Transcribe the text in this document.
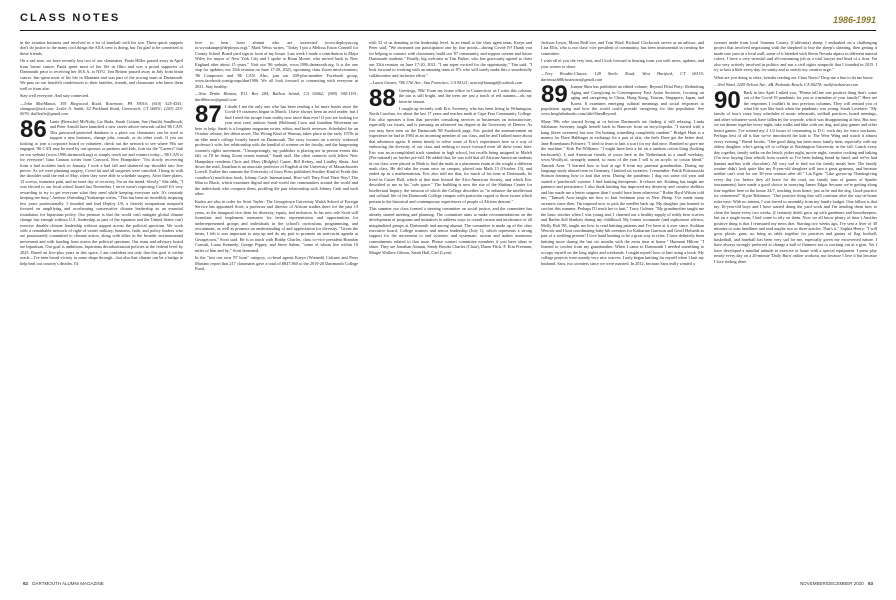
CLASS NOTES	1986-1991

in the aviation business and involved in a lot of baseball with his son. These quick snippets don't do justice to the many cool things the AXA crew is doing, but I'm glad to be connected to these friends.

On a sad note, we have recently lost two of our classmates. Paula Hilfer passed away in April from breast cancer. Paula spent most of her life in Ohio and was a proud supporter of Dartmouth prior to receiving her M.S.A. at NYU. Jim Britton passed away in July from brain cancer. Jim spent most of his life in Montana and was part of the rowing team at Dartmouth. We pass on our heartfelt condolences to their families, friends, and classmates who knew them well or from afar.

Stay well everyone. And stay connected.

—John MacManus, 195 Ringwood Road, Rosemont, PA 19010; (610) 525-4541; slamgoat@aol.com; Leslie A. Smith, 52 Parkland Road, Greenwich, CT 06831; (203) 253-0076; dalileslie@gmail.com

86 Lanie (Bertsche) McNulty, Liz Buda, Sarah Cottam, Sue (Smith) Sandbrook, and Peter Arnold have launched a new career advice network called '86 CAN. This password-protected database is a place our classmates can be used to support a new business, change jobs, consult, or do other work. If you are looking to join a corporate board or volunteer, check out the network to see where '86s are engaged. '86 CAN may be used by our spouses or partners and kids, Join via the "Careers" link on our website (www.1986.dartmouth.org) or simply reach out and connect today—'86 CAN is for everyone! Gina Cannon writes from Concord, New Hampshire: "I'm slowly recovering from a bad accident back in January. I took a bad fall and shattered my shoulder into five pieces. As we were planning surgery, Covid hit and all surgeries were canceled. I hung in with the shoulder until the end of May, when they were able to schedule surgery. After three plates, 13 screws, immense pain, and an extra day of recovery, I'm on the mend. Slowly." She adds, "I was elected to our local school board last November. I serve wasn't expecting Covid! It's very rewarding to try to get everyone what they need while keeping everyone safe. It's certainly keeping me busy." Andrew (Strimling) Yoakampe writes, "This has been an incredibly inspiring few years professionally. I founded and lead Deploy US, a fiercely nonpartisan nonprofit focused on amplifying and accelerating conservative climate leadership as an essential foundation for bipartisan policy. Our premise is that the world can't mitigate global climate change fast enough without U.S. leadership as part of the equation and the United States can't exercise durable climate leadership without support across the political spectrum. We work with a remarkable network of right-of-center military, business, faith, and policy leaders who are passionately committed to climate action, along with allies in the broader environmental movement and with funding from across the political spectrum. Our team and advisory board are bipartisan. Our goal is ambitious, bipartisan decarbonization policies at the federal level by 2025. Based on five-plus years in this space, I am confident not only that this goal is within reach—I've seen broad victory in some shape through—but also that climate can be a bridge to help heal our country's divides. I'd

love to hear from alumni who are interested (www.deployus.org or.wyoakampe@deployus.org)." Mark Weiss writes, "Today I put a Melissa Eaton Connell for County School Board yard sign in front of my house. Last week I made a contribution to Maya Wiley for mayor of New York City and I spoke to Brian Moore, who moved back to New England after about 15 years." Visit our '86 website, www.1986.dartmouth.org. It is the one stop for updates; our 35th reunion on June 17-20, 2021; upcoming class Zoom mini-reunions; '86 Composers and '86 CAN. Also, join our 200-plus-member Facebook group, www.facebook.com/groups/dart1986. We all look forward to connecting with everyone in 2021. Stay healthy.

—Nan Drake Hanton, P.O. Box 284, Balboa Island, CA 92662; (949) 500-1191; dart86news@gmail.com

87 I doubt I am the only one who has been reading a lot more books since the Covid-19 craziness began in March. I have always been an avid reader, but I find I need the escape from reality now more than ever! If you are looking for your next read, authors Sarah (Heilman) Crow and Jonathan Silverman are here to help. Sarah is a longtime magazine writer, editor, and book reviewer. Scheduled for an October release, her debut novel, The Wrong Kind of Woman, takes place in the early 1970s in an elite men's college loosely based on Dartmouth. The story focuses on a newly widowed professor's wife, her relationship with the handful of women on the faculty, and the burgeoning women's rights movement. "Unsurprisingly, my publisher is placing me in person events this fall, so I'll be doing Zoom events instead," Sarah said. She often connects with fellow New Hampshire residents Chris and Mary (Ridgley) Carter, Bill Kelsey, and Lindley Shutz. Just down the road, Jonathan is an associate professor of English at the University of Massachusetts Lowell. Earlier this summer the University of Iowa Press published Another Kind of Freak (his coauthor's) nonfiction book, Johnny Cash: International. How will They Find Their Way? The Man in Black, which examines digital and real-world fan communities around the world and the individuals who compose them, profiling the pair relationship with Johnny Cash and each other.

Kudos are also in order for Scott Taylor: The Georgetown University Walsh School of Foreign Service has appointed Scott, a professor and director of African studies there for the past 13 years, as the inaugural vice dean for diversity, equity, and inclusion. In his new role Scott will formulate and implement measures for better representation and opportunities for underrepresented groups and individuals in the school's curriculum, programming, and recruitment, as well as promote an understanding of and appreciation for diversity. "Given the times, I felt it was important to step up and do my part to promote an anti-racist agenda at Georgetown," Scott said. He is in touch with Bobby Charles, class co-vice president Brandon Consult, Laura Kennedy, George Pippey, and Steve Salem, "some of whom live within 10 miles of him and by," Scott lamented.

In the "tost our own '87 horn" category, co-head agents Karyn (Wienedi) Calcano and Peter Mariano report that 217 classmates gave a total of $847,860 to the 2019-20 Dartmouth College Fund,

with 52 of us donating at the leadership level. In an email to the class agent team, Karyn and Peter said, "We increased our participation rate by four points—during Covid-19! Thank you for helping to connect with classmates, build our '87 community, and support current and future Dartmouth students." Finally, big welcome to Tim Parker, who has graciously agreed to chair our 35th reunion on June 17-20, 2021. "I am super excited for the opportunity," Tim said. "I look forward to working with an amazing team of 87s who will surely make this a wonderfully collaborative and inclusive effort."

—Laura Gasner, 746 17th Ave., San Francisco, CA 94121; neariofilaunagd@outlook.com

88 Greetings, '88s! From my home office in Connecticut as I write this column, the sun is still bright, and the trees are just a touch of red autumn—oh, my favorite season.

I caught up recently with Eric Sweeney, who has been living in Wilmington, North Carolina, for about the last 17 years and teaches math at Cape Fear Community College. Eric also operates a firm that provides consulting services to businesses on infrastructure, especially tax issues, and is pursuing an advanced tax degree at the University of Denver. As you may have seen on the Dartmouth '88 Facebook page, Eric posted the announcement an experience he had in 1984 as an incoming member of our class, and he and I talked more about that adventure again. It seems timely to relive some of Eric's experiences here as a way of embracing the diversity of our class and seeking to move forward even all these years later. Eric was an accomplished track standout in high school, but recalls being assigned to Mafeli (Pre-rational) on further pre-fall. He added that, he was told that all African-American students in our class were placed in Math to find the math in a placement exam at the sought a different math class. He did take the exam once on campus, placed into Math 13 (October 13), and ended up as a mathematician. Eric also told me that, for much of his time at Dartmouth, he lived in Cutter Hall, which at that time housed the Afro-American Society, and which Eric described to me as his "safe space." The building is now the site of the Shabazz Center for Intellectual Inquiry, the mission of which the College describes as "to enhance the intellectual and cultural life of the Dartmouth College campus with particular regard to those issues which pertain to the historical and contemporary experiences of people of African descent."

This summer our class formed a steering committee on social justice, and the committee has already started meeting and planning. The committee aims to make recommendations on the development of programs and initiatives to address ways to curtail racism and intolerance of all marginalized groups at Dartmouth and among alumni. The committee is made up of the class executive board, College trustees and senior leadership (July 1), which represents a strong support for the movement to end systemic and systematic racism and makes numerous commitments related to that issue. Please contact committee members if you have ideas to share. They are Jonathan Aitman, Sandy Brooks Charles (Chair), Daren Fitch, F. Erin Freeman, Margie Wallace Gibson, Sarah Hall, Carl (Lyon)

Jackson Lewis, Moira RedCorn, and Tom Ward. Richard Clockwork serves as an advisor, and Lisa Ellis, who is our class' vice president of community, has been instrumental in creating the committee.

I wish all of you the very best, and I look forward to hearing from you with news, updates, and your stories to share.

—Tory Wooditt-Chavez, 128 Steele Road, West Hartford, CT 06119; dartmouth88classnotes@gmail.com

89 Joanne Shea has published an edited volume, Beyond Filial Piety: Rethinking Aging and Caregiving in Contemporary East Asian Societies, focusing on aging and caregiving in China, Hong Kong, Taiwan, Singapore, Japan, and Korea. It examines emerging cultural meanings and social responses to population aging and how the world could provide caregiving for this population. See www.berghahnbooks.com/title/SheaBeyond.

Many '89s who started living at or before Dartmouth are finding it still relaxing. Linda Salzhauer Sweeney taught herself back in Hanover from an encyclopedia. "I started with a bang (three sweaters) but now I'm hunting something completely random." Bridget Hunt is a mentor for Dave Baldinger in exchange for a pair of skis; she feels Dave got the better deal. Jane Rosenbaum Pohwert: "I tried to learn to knit a scarf for my dad once. Bombed so gave me the machine." Kirk Poi-Williams: "I might have knit a bit on a random cotton thing (looking backwards). I, and American friends of yours here in the Netherlands in a small weekday, www.Woolly.nl, strangely named, so most of the yarn I sell is on acrylic or cotton blend." Tamseh Azar: "I learned how to knit at age 8 from my paternal grandmother. During my language study abroad term in Germany, I knitted six sweaters. I remember: Patrik Polzinowski Stinson learning how to knit that term. During the pandemic I dug out some old yarn and started a 'patchwork' sweater. I find knitting therapeutic. It relaxes me. Knitting has taught me patience and persistence. I also think knitting has improved my dexterity and creative abilities and has made me a better surgeon than I would have been otherwise." Robin Byrd Wilson told me, "Tamseh Azar taught me how to knit freshman year in New Hemp. I've made many sweaters since then. I'm inspired now to pick the needles back up. My daughter just learned to crochet this summer. Perhaps I'll teach her to knit." Tracy Golmer: "My grandmother taught me the basic stitches when I was young and, I churned out a healthy supply of teddy bear scarves and Barbie doll blankets during my childhood. My former roommate (and sophomore advisor, Molly Holt '88, taught me how to read knitting patterns and I've been at it ever since. Siobhan Wescott and I knit coordinating baby bib sweaters for Katharine Garrison and Geoff Holstedt as part of a wedding present! I love hand knitting to be a great way to relax. I have definitely been knitting more during the last six months with the extra time at home." Harmoni Hilton: "I learned to crochet from my grandmother. When I came to Dartmouth I needed something to occupy myself on the long nights and weekends. I taught myself how to knit using a book. My college projects were mainly very nice scarves. I only began knitting for myself when I knit my husband. Sara, two sweaters since we were married. In 2012, because Sara really wanted a

sweater made from local Sonoma County (California) sheep, I embarked on a challenging project that involved negotiating with the shepherd to buy the sheep's shearing, then getting it made into yarn in a local mill, some of it blended with Sierra Nevada alpaca in different natural colors. I have a very stressful and all-consuming job as a trial lawyer and head of a firm. I'm also very actively involved in politics and run a civil rights nonprofit that I founded in 2015. I try to knit a little every day for sanity and to satisfy my creative urge."

What are you doing to relax, besides reading our Class Notes? Drop me a line to let me know.

—Ned Ward, 2209 Nelson Ave., #B, Redondo Beach, CA 90278; ned@nedsnews.com

90 Back in late April I asked you, "Please tell me one positive thing that's come out of the Covid-19 pandemic for you or a member of your family!" Here are the responses I couldn't fit into previous columns. They will remind you of what life was like back when the pandemic was young. Sarah Lovelace: "My family of four's crazy busy schedules of music rehearsals, softball practices, board meetings, and other volunteer work have fallen by the wayside, which was disappointing at first. But now we eat dinner together every night, take walks and bike with our dog, and play games and other board games. I've trained my 2 1/2 hours of commuting to D.C. each day for extra workouts. Perhaps best of all is that we've introduced the kids to The West Wing and watch it almost every evening." Bread Jacobs: "One good thing has been more family time, especially with my oldest daughter, who's going off to college at Washington University in the fall. Lunch every day together, family walks on the beach, poker night, movie night, creative cooking and baking (I'm now buying flour rebuilt from scratch so I've been baking bread by hand, and we've had banana muffins with chocolate). All very sad to find out the family meals here. The family routine didn't look quite like my 8-year-old daughter will turn a great gymnast, and because neither can't wait for our 30-year reunion after all." Lin Egan: "Like grown-up Thanksgiving every day (or: before they all leave for the road, our family tons of games of Spades tournaments) have made a good choice in marrying James Edgar because we're getting along fine together here in the house 24/7, teaching from home, just as he and the dog. Good practice for retirement!" Kyrie Robinson: "One positive thing that will continue after the stay-at-home rules ease: With no interns, I was forced to assembly from my family budget. One fallout is that my 16-year-old boys and I have started doing the yard work and I'm trending them how to clean the house every two weeks. (I certainly didn't grow up with gardeners and housekeepers, but on a single mom, I had come to rely on them. Now we all know plenty of time.) Another positive thing is that I reinstated my news diet. Starting two weeks ago, I've sent a fiver of 30 minutes to scan headlines and read maybe two or three articles. That's it." Sophia Henry: "I will grow plastic guns, no bring us table together for practices and games of flag football, basketball, and baseball has been very sad for me, especially given my extroverted nature. I have always strongly preferred to change a ball of flatmore not to working out at a gym. Yet I have developed a mindful attitude to exercise at home with a special equipment. I press play nearly every day on a 20-minute 'Daily Burn' online workout, not because I love it but because I love feeling done

62 DARTMOUTH ALUMNI MAGAZINE	NOVEMBER/DECEMBER 2020 63
